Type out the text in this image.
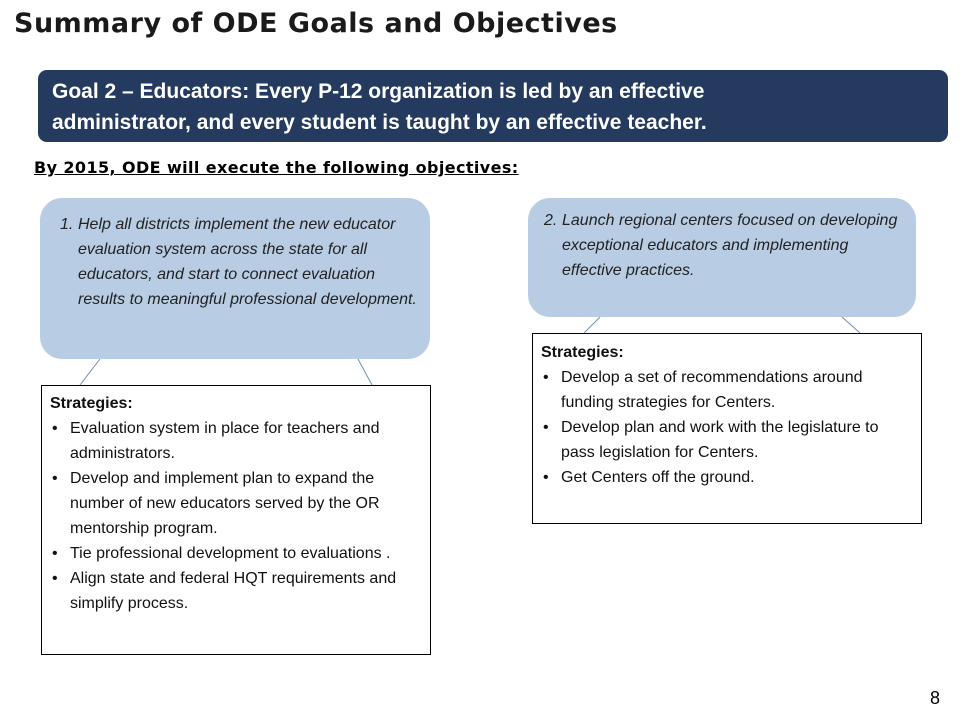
Summary of ODE Goals and Objectives
Goal 2 – Educators: Every P-12 organization is led by an effective
administrator, and every student is taught by an effective teacher.
By 2015, ODE will execute the following objectives:
1. Help all districts implement the new educator evaluation system across the state for all educators, and start to connect evaluation results to meaningful professional development.
2. Launch regional centers focused on developing exceptional educators and implementing effective practices.
Strategies:
• Evaluation system in place for teachers and administrators.
• Develop and implement plan to expand the number of new educators served by the OR mentorship program.
• Tie professional development to evaluations .
• Align state and federal HQT requirements and simplify process.
Strategies:
• Develop a set of recommendations around funding strategies for Centers.
• Develop plan and work with the legislature to pass legislation for Centers.
• Get Centers off the ground.
8
